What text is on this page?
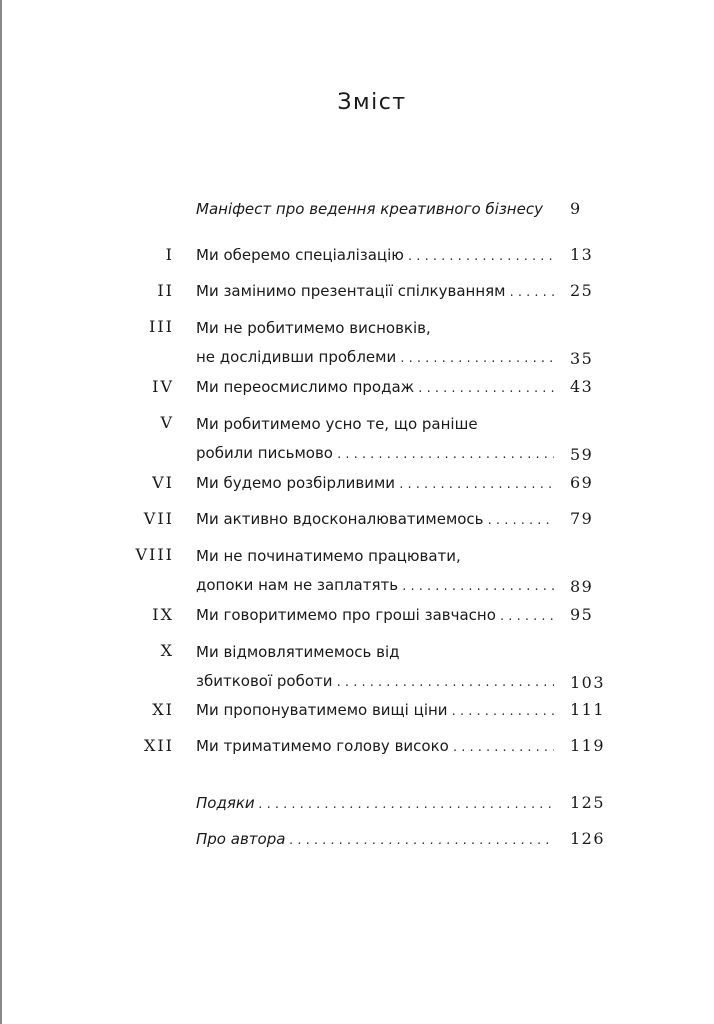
Зміст
Маніфест про ведення креативного бізнесу	9
I Ми оберемо спеціалізацію . . .	13
II Ми замінимо презентації спілкуванням . . .	25
III Ми не робитимемо висновків,
не дослідивши проблеми . . .	35
IV Ми переосмислимо продаж . . .	43
V Ми робитимемо усно те, що раніше
робили письмово . . .	59
VI Ми будемо розбірливими . . .	69
VII Ми активно вдосконалюватимемось . . .	79
VIII Ми не починатимемо працювати,
допоки нам не заплатять . . .	89
IX Ми говоритимемо про гроші завчасно . . .	95
X Ми відмовлятимемось від
збиткової роботи . . .	103
XI Ми пропонуватимемо вищі ціни . . .	111
XII Ми триматимемо голову високо . . .	119
Подяки . . .	125
Про автора . . .	126
